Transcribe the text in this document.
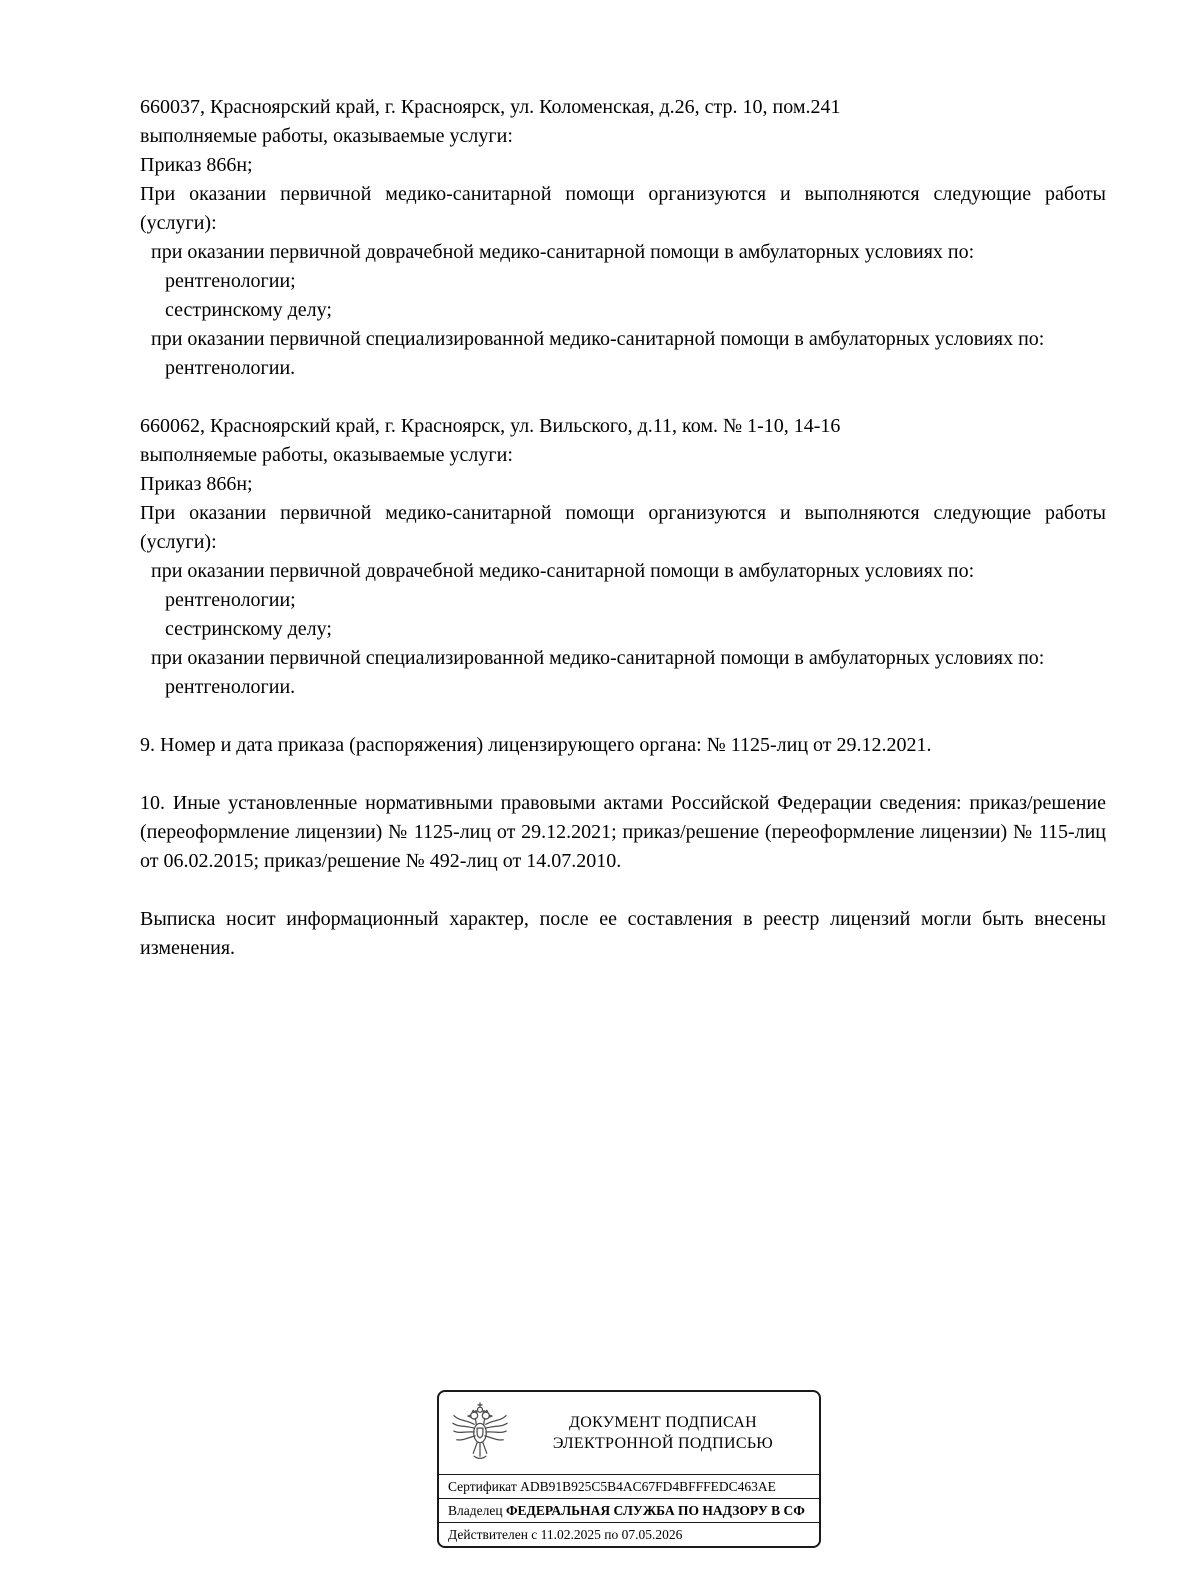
660037, Красноярский край, г. Красноярск, ул. Коломенская, д.26, стр. 10, пом.241

выполняемые работы, оказываемые услуги:

Приказ 866н;

При оказании первичной медико-санитарной помощи организуются и выполняются следующие работы (услуги):

при оказании первичной доврачебной медико-санитарной помощи в амбулаторных условиях по:

рентгенологии;

сестринскому делу;

при оказании первичной специализированной медико-санитарной помощи в амбулаторных условиях по:

рентгенологии.

660062, Красноярский край, г. Красноярск, ул. Вильского, д.11, ком. № 1-10, 14-16

выполняемые работы, оказываемые услуги:

Приказ 866н;

При оказании первичной медико-санитарной помощи организуются и выполняются следующие работы (услуги):

при оказании первичной доврачебной медико-санитарной помощи в амбулаторных условиях по:

рентгенологии;

сестринскому делу;

при оказании первичной специализированной медико-санитарной помощи в амбулаторных условиях по:

рентгенологии.

9. Номер и дата приказа (распоряжения) лицензирующего органа: № 1125-лиц от 29.12.2021.

10. Иные установленные нормативными правовыми актами Российской Федерации сведения: приказ/решение (переоформление лицензии) № 1125-лиц от 29.12.2021; приказ/решение (переоформление лицензии) № 115-лиц от 06.02.2015; приказ/решение № 492-лиц от 14.07.2010.

Выписка носит информационный характер, после ее составления в реестр лицензий могли быть внесены изменения.

ДОКУМЕНТ ПОДПИСАН
ЭЛЕКТРОННОЙ ПОДПИСЬЮ
Сертификат ADB91B925C5B4AC67FD4BFFFEDC463AE
Владелец ФЕДЕРАЛЬНАЯ СЛУЖБА ПО НАДЗОРУ В СФ
Действителен с 11.02.2025 по 07.05.2026
